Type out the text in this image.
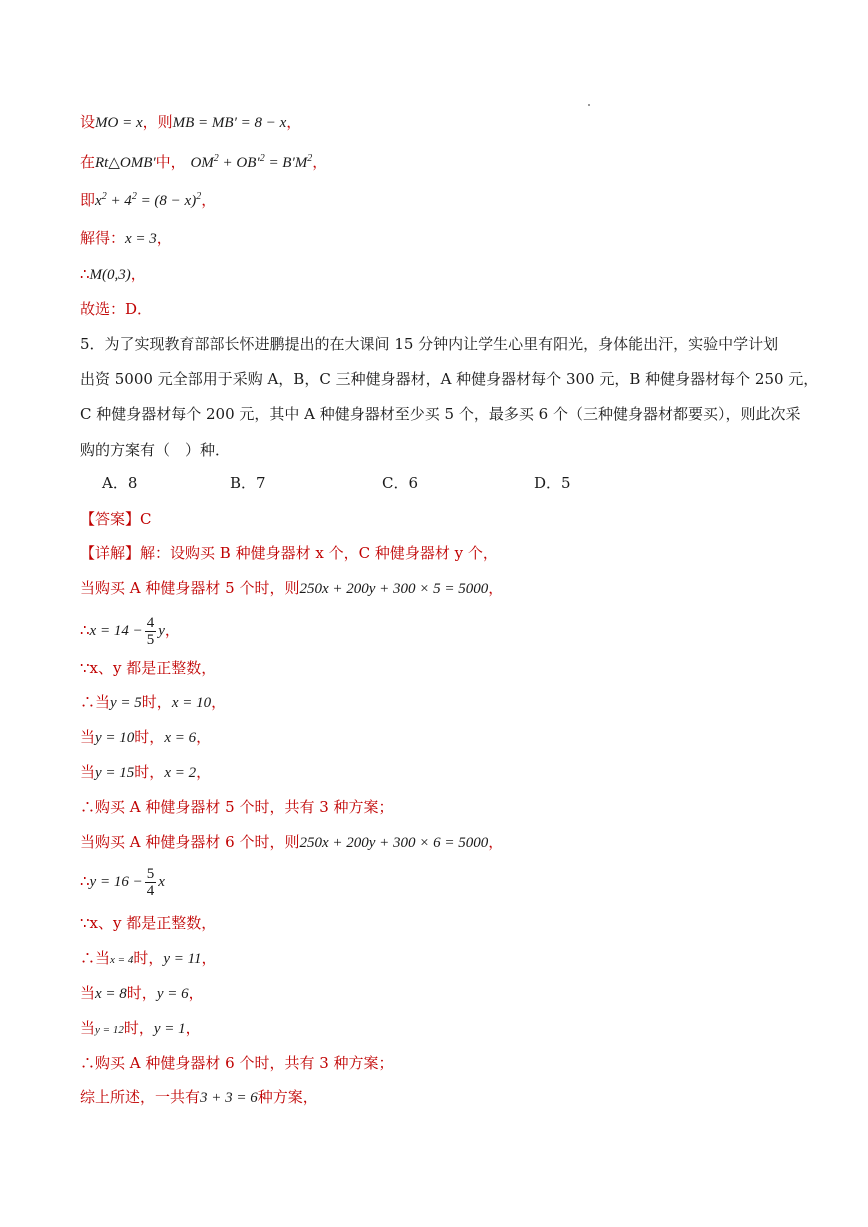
设MO = x，则MB = MB′ = 8 − x，
在Rt△OMB′中， $OM^2 + OB'^2 = B'M^2$，
即$x^2 + 4^2 = (8 - x)^2$，
解得：x = 3，
∴M(0,3)，
故选：D．
5．为了实现教育部部长怀进鹏提出的在大课间 15 分钟内让学生心里有阳光，身体能出汗，实验中学计划
出资 5000 元全部用于采购 A，B，C 三种健身器材，A 种健身器材每个 300 元，B 种健身器材每个 250 元，
C 种健身器材每个 200 元，其中 A 种健身器材至少买 5 个，最多买 6 个（三种健身器材都要买），则此次采
购的方案有（　）种．
A．8	B．7	C．6	D．5
【答案】C
【详解】解：设购买 B 种健身器材 x 个，C 种健身器材 y 个，
当购买 A 种健身器材 5 个时，则250x + 200y + 300 × 5 = 5000，
∴x = $14 - \frac{4}{5}$ y，
∵x、y 都是正整数，
∴当y = 5时，x = 10，
当y = 10时，x = 6，
当y = 15时，x = 2，
∴购买 A 种健身器材 5 个时，共有 3 种方案；
当购买 A 种健身器材 6 个时，则250x + 200y + 300 × 6 = 5000，
∴y = $16 - \frac{5}{4}$ x
∵x、y 都是正整数，
∴当x = 4时，y = 11，
当x = 8时，y = 6，
当y = 12时，y = 1，
∴购买 A 种健身器材 6 个时，共有 3 种方案；
综上所述，一共有3 + 3 = 6种方案，
